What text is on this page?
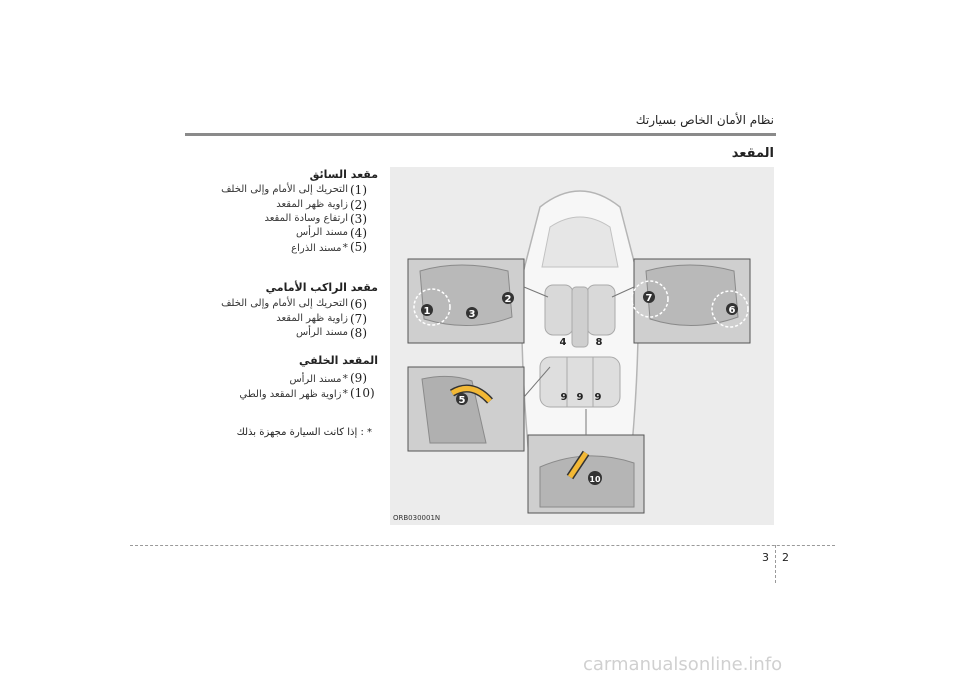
نظام الأمان الخاص بسيارتك
المقعد
مقعد السائق
(1)
التحريك إلى الأمام وإلى الخلف
(2)
زاوية ظهر المقعد
(3)
ارتفاع وسادة المقعد
(4)
مسند الرأس
(5)
*مسند الذراع
مقعد الراكب الأمامي
(6)
التحريك إلى الأمام وإلى الخلف
(7)
زاوية ظهر المقعد
(8)
مسند الرأس
المقعد الخلفي
(9)
*مسند الرأس
(10)
*زاوية ظهر المقعد والطي
* : إذا كانت السيارة مجهزة بذلك
1
2
3
4
5
6
7
8
9 9 9
10
ORB030001N
3 2
carmanualsonline.info
